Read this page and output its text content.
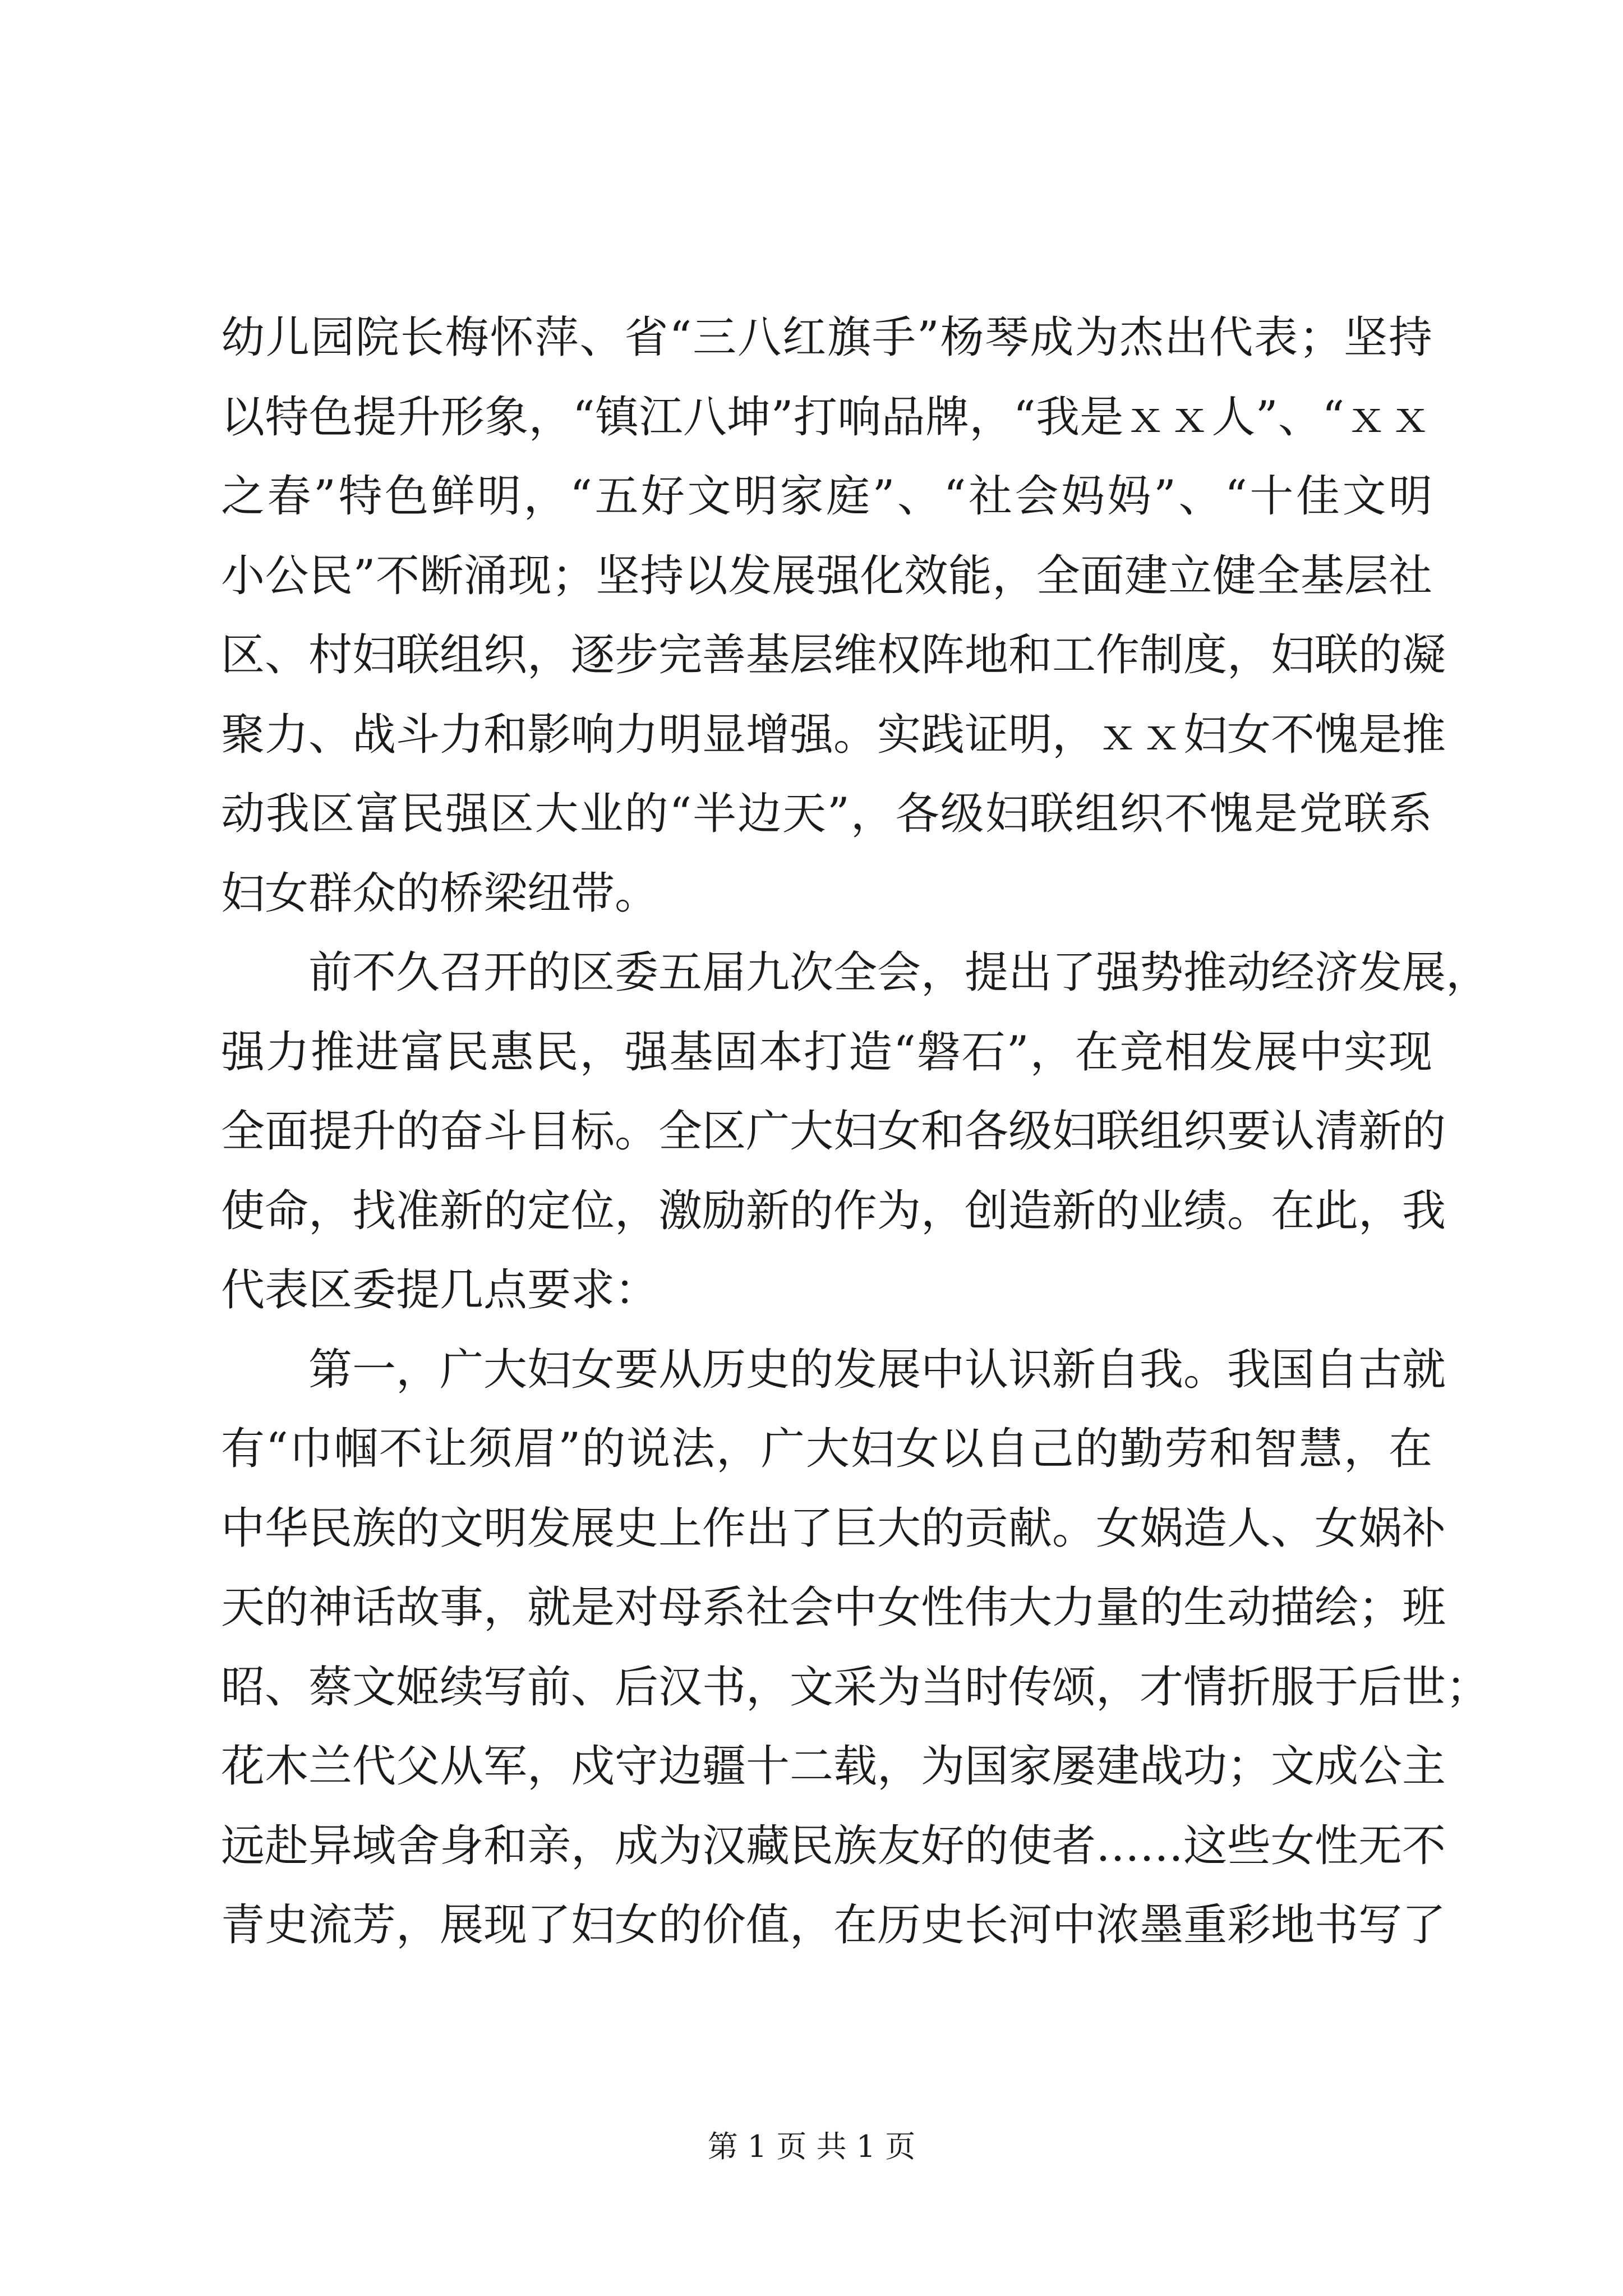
幼儿园院长梅怀萍、省“三八红旗手”杨琴成为杰出代表；坚持
以特色提升形象，“镇江八坤”打响品牌，“我是ｘｘ人”、“ｘｘ
之春”特色鲜明，“五好文明家庭”、“社会妈妈”、“十佳文明
小公民”不断涌现；坚持以发展强化效能，全面建立健全基层社
区、村妇联组织，逐步完善基层维权阵地和工作制度，妇联的凝
聚力、战斗力和影响力明显增强。实践证明，ｘｘ妇女不愧是推
动我区富民强区大业的“半边天”，各级妇联组织不愧是党联系
妇女群众的桥梁纽带。
　　前不久召开的区委五届九次全会，提出了强势推动经济发展，
强力推进富民惠民，强基固本打造“磐石”，在竞相发展中实现
全面提升的奋斗目标。全区广大妇女和各级妇联组织要认清新的
使命，找准新的定位，激励新的作为，创造新的业绩。在此，我
代表区委提几点要求：
　　第一，广大妇女要从历史的发展中认识新自我。我国自古就
有“巾帼不让须眉”的说法，广大妇女以自己的勤劳和智慧，在
中华民族的文明发展史上作出了巨大的贡献。女娲造人、女娲补
天的神话故事，就是对母系社会中女性伟大力量的生动描绘；班
昭、蔡文姬续写前、后汉书，文采为当时传颂，才情折服于后世；
花木兰代父从军，戍守边疆十二载，为国家屡建战功；文成公主
远赴异域舍身和亲，成为汉藏民族友好的使者……这些女性无不
青史流芳，展现了妇女的价值，在历史长河中浓墨重彩地书写了
第 1 页 共 1 页
